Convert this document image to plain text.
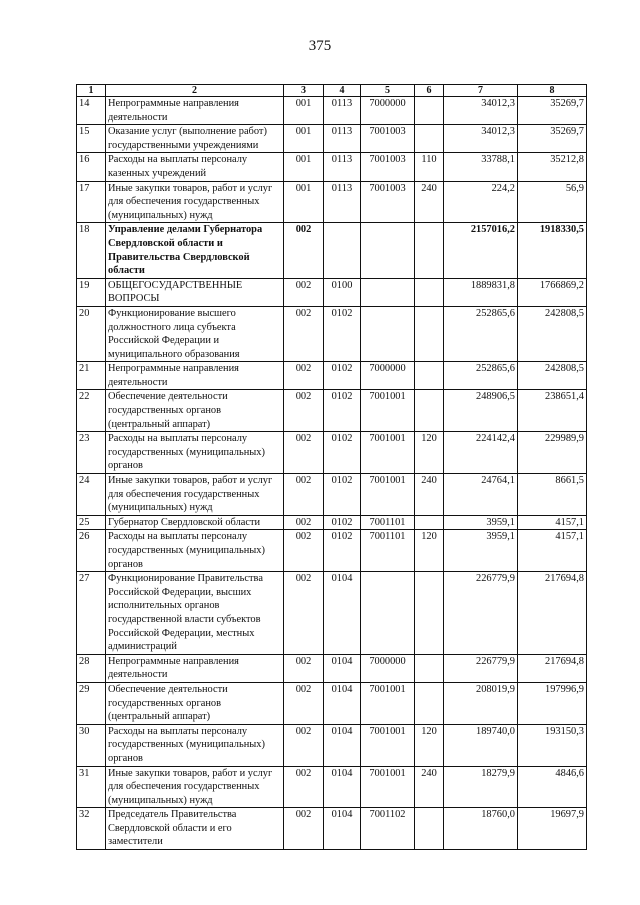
375
1	2	3	4	5	6	7	8
14	Непрограммные направления деятельности	001	0113	7000000		34012,3	35269,7
15	Оказание услуг (выполнение работ) государственными учреждениями	001	0113	7001003		34012,3	35269,7
16	Расходы на выплаты персоналу казенных учреждений	001	0113	7001003	110	33788,1	35212,8
17	Иные закупки товаров, работ и услуг для обеспечения государственных (муниципальных) нужд	001	0113	7001003	240	224,2	56,9
18	Управление делами Губернатора Свердловской области и Правительства Свердловской области	002				2157016,2	1918330,5
19	ОБЩЕГОСУДАРСТВЕННЫЕ ВОПРОСЫ	002	0100			1889831,8	1766869,2
20	Функционирование высшего должностного лица субъекта Российской Федерации и муниципального образования	002	0102			252865,6	242808,5
21	Непрограммные направления деятельности	002	0102	7000000		252865,6	242808,5
22	Обеспечение деятельности государственных органов (центральный аппарат)	002	0102	7001001		248906,5	238651,4
23	Расходы на выплаты персоналу государственных (муниципальных) органов	002	0102	7001001	120	224142,4	229989,9
24	Иные закупки товаров, работ и услуг для обеспечения государственных (муниципальных) нужд	002	0102	7001001	240	24764,1	8661,5
25	Губернатор Свердловской области	002	0102	7001101		3959,1	4157,1
26	Расходы на выплаты персоналу государственных (муниципальных) органов	002	0102	7001101	120	3959,1	4157,1
27	Функционирование Правительства Российской Федерации, высших исполнительных органов государственной власти субъектов Российской Федерации, местных администраций	002	0104			226779,9	217694,8
28	Непрограммные направления деятельности	002	0104	7000000		226779,9	217694,8
29	Обеспечение деятельности государственных органов (центральный аппарат)	002	0104	7001001		208019,9	197996,9
30	Расходы на выплаты персоналу государственных (муниципальных) органов	002	0104	7001001	120	189740,0	193150,3
31	Иные закупки товаров, работ и услуг для обеспечения государственных (муниципальных) нужд	002	0104	7001001	240	18279,9	4846,6
32	Председатель Правительства Свердловской области и его заместители	002	0104	7001102		18760,0	19697,9
